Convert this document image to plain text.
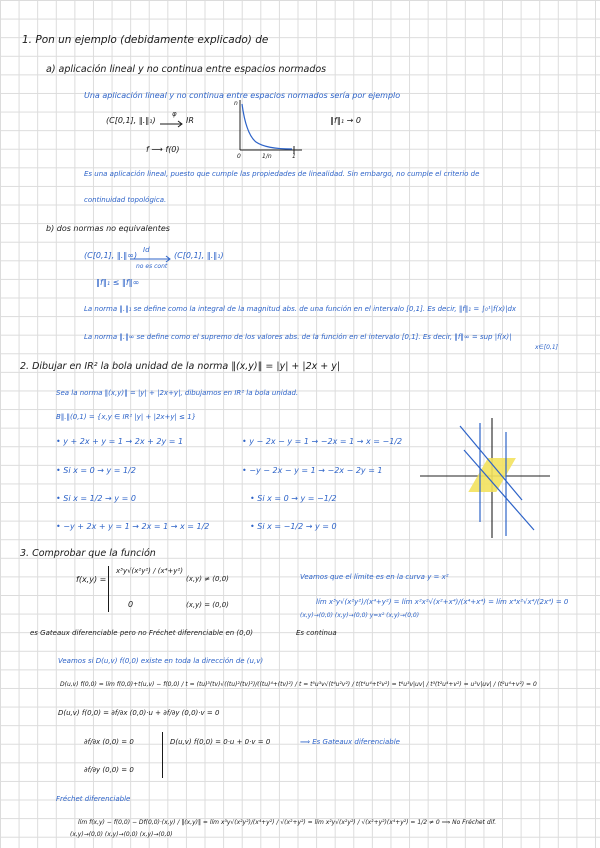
1. Pon un ejemplo (debidamente explicado) de
a) aplicación lineal y no continua entre espacios normados
Una aplicación lineal y no continua entre espacios normados sería por ejemplo
(C[0,1], ‖.‖₁)
φ
IR	‖f‖₁ → 0
f ⟶ f(0)
n
0	1/n	1
Es una aplicación lineal, puesto que cumple las propiedades de linealidad. Sin embargo, no cumple el criterio de
continuidad topológica.
b) dos normas no equivalentes
(C[0,1], ‖.‖∞)
Id
(C[0,1], ‖.‖₁)
no es cont
‖f‖₁ ≤ ‖f‖∞
La norma ‖.‖₁ se define como la integral de la magnitud abs. de una función en el intervalo [0,1]. Es decir, ‖f‖₁ = ∫₀¹|f(x)|dx
La norma ‖.‖∞ se define como el supremo de los valores abs. de la función en el intervalo [0,1]. Es decir, ‖f‖∞ = sup |f(x)|
x∈[0,1]
2. Dibujar en IR² la bola unidad de la norma ‖(x,y)‖ = |y| + |2x + y|
Sea la norma ‖(x,y)‖ = |y| + |2x+y|, dibujamos en IR² la bola unidad.
B‖.‖(0,1) = {x,y ∈ IR² |y| + |2x+y| ≤ 1}
• y + 2x + y = 1 → 2x + 2y = 1
• Si x = 0 → y = 1/2
• Si x = 1/2 → y = 0
• −y + 2x + y = 1 → 2x = 1 → x = 1/2
• y − 2x − y = 1 → −2x = 1 → x = −1/2
• −y − 2x − y = 1 → −2x − 2y = 1
• Si x = 0 → y = −1/2
• Si x = −1/2 → y = 0
3. Comprobar que la función
f(x,y) =
x³y√(x²y²) / (x⁴+y²)
(x,y) ≠ (0,0)
0	(x,y) = (0,0)
Veamos que el límite es en la curva y = x²
lím x³y√(x²y²)/(x⁴+y²) = lím x²x²√(x²+x⁴)/(x⁴+x⁴) = lím x⁴x²√x⁴/(2x⁴) = 0
(x,y)→(0,0) (x,y)→(0,0) y=x² (x,y)→(0,0)
es Gateaux diferenciable pero no Fréchet diferenciable en (0,0)	Es continua
Veamos si D(u,v) f(0,0) existe en toda la dirección de (u,v)
D(u,v) f(0,0) = lím f(0,0)+t(u,v) − f(0,0) / t = (tu)³(tv)√((tu)²(tv)²)/((tu)⁴+(tv)²) / t = t⁵u³v√(t⁴u²v²) / t(t⁴u⁴+t²v²) = t⁶u³v|uv| / t³(t²u⁴+v²) = u³v|uv| / (t²u⁴+v²) = 0
D(u,v) f(0,0) = ∂f/∂x (0,0)·u + ∂f/∂y (0,0)·v = 0
∂f/∂x (0,0) = 0	D(u,v) f(0,0) = 0·u + 0·v = 0	⟹ Es Gateaux diferenciable
∂f/∂y (0,0) = 0
Fréchet diferenciable
lím f(x,y) − f(0,0) − Df(0,0)·(x,y) / ‖(x,y)‖ = lím x³y√(x²y²)/(x⁴+y²) / √(x²+y²) = lím x²y√(x²y²) / √(x²+y²)(x⁴+y²) = 1/2 ≠ 0 ⟹ No Fréchet dif.
(x,y)→(0,0) (x,y)→(0,0) (x,y)→(0,0)
